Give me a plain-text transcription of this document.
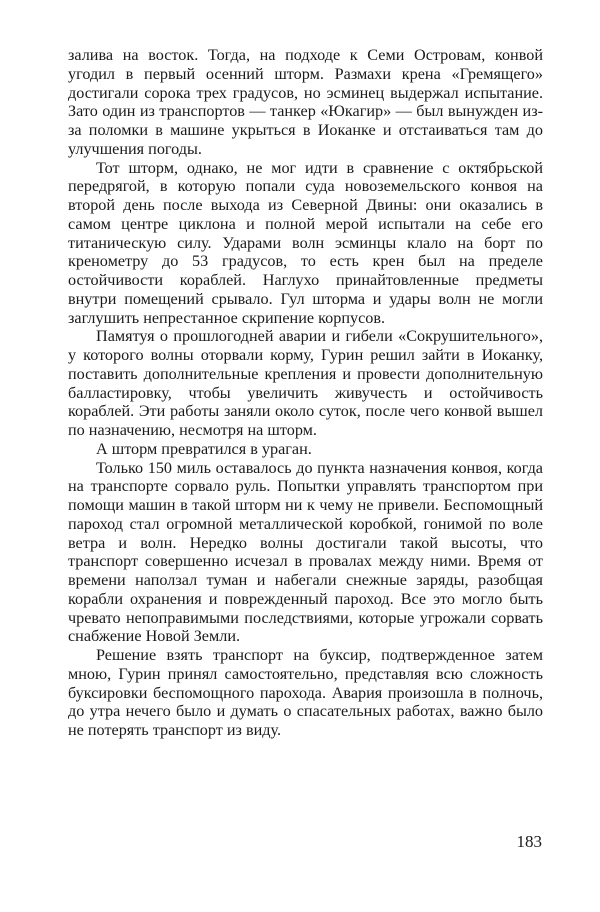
залива на восток. Тогда, на подходе к Семи Островам, конвой угодил в первый осенний шторм. Размахи крена «Гремящего» достигали сорока трех градусов, но эсминец выдержал испытание. Зато один из транспортов — танкер «Юкагир» — был вынужден из-за поломки в машине укрыться в Иоканке и отстаиваться там до улучшения погоды.

Тот шторм, однако, не мог идти в сравнение с октябрьской передрягой, в которую попали суда новоземельского конвоя на второй день после выхода из Северной Двины: они оказались в самом центре циклона и полной мерой испытали на себе его титаническую силу. Ударами волн эсминцы клало на борт по кренометру до 53 градусов, то есть крен был на пределе остойчивости кораблей. Наглухо принайтовленные предметы внутри помещений срывало. Гул шторма и удары волн не могли заглушить непрестанное скрипение корпусов.

Памятуя о прошлогодней аварии и гибели «Сокрушительного», у которого волны оторвали корму, Гурин решил зайти в Иоканку, поставить дополнительные крепления и провести дополнительную балластировку, чтобы увеличить живучесть и остойчивость кораблей. Эти работы заняли около суток, после чего конвой вышел по назначению, несмотря на шторм.

А шторм превратился в ураган.

Только 150 миль оставалось до пункта назначения конвоя, когда на транспорте сорвало руль. Попытки управлять транспортом при помощи машин в такой шторм ни к чему не привели. Беспомощный пароход стал огромной металлической коробкой, гонимой по воле ветра и волн. Нередко волны достигали такой высоты, что транспорт совершенно исчезал в провалах между ними. Время от времени наползал туман и набегали снежные заряды, разобщая корабли охранения и поврежденный пароход. Все это могло быть чревато непоправимыми последствиями, которые угрожали сорвать снабжение Новой Земли.

Решение взять транспорт на буксир, подтвержденное затем мною, Гурин принял самостоятельно, представляя всю сложность буксировки беспомощного парохода. Авария произошла в полночь, до утра нечего было и думать о спасательных работах, важно было не потерять транспорт из виду.

183
